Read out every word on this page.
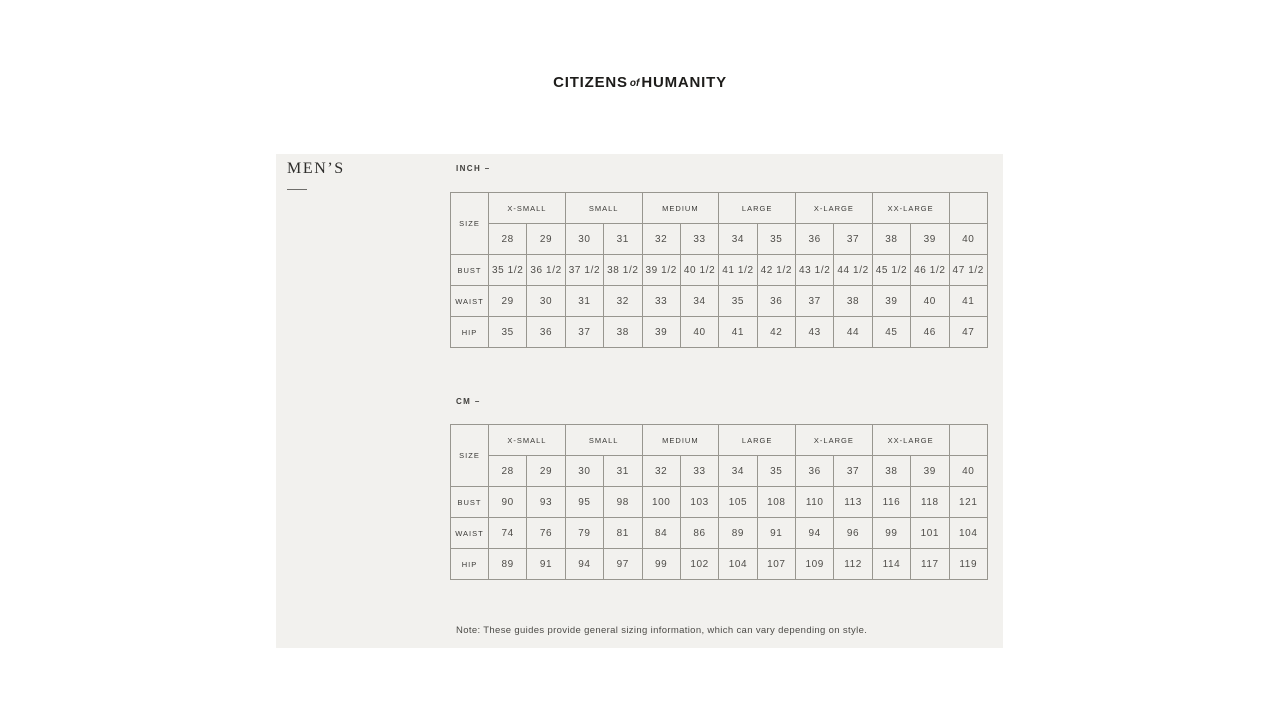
CITIZENS of HUMANITY
MEN’S	INCH –
SIZE	X-SMALL		SMALL		MEDIUM		LARGE		X-LARGE		XX-LARGE		
	28	29	30	31	32	33	34	35	36	37	38	39	40
BUST	35 1/2	36 1/2	37 1/2	38 1/2	39 1/2	40 1/2	41 1/2	42 1/2	43 1/2	44 1/2	45 1/2	46 1/2	47 1/2
WAIST	29	30	31	32	33	34	35	36	37	38	39	40	41
HIP	35	36	37	38	39	40	41	42	43	44	45	46	47
CM –
SIZE	X-SMALL		SMALL		MEDIUM		LARGE		X-LARGE		XX-LARGE		
	28	29	30	31	32	33	34	35	36	37	38	39	40
BUST	90	93	95	98	100	103	105	108	110	113	116	118	121
WAIST	74	76	79	81	84	86	89	91	94	96	99	101	104
HIP	89	91	94	97	99	102	104	107	109	112	114	117	119

Note: These guides provide general sizing information, which can vary depending on style.
